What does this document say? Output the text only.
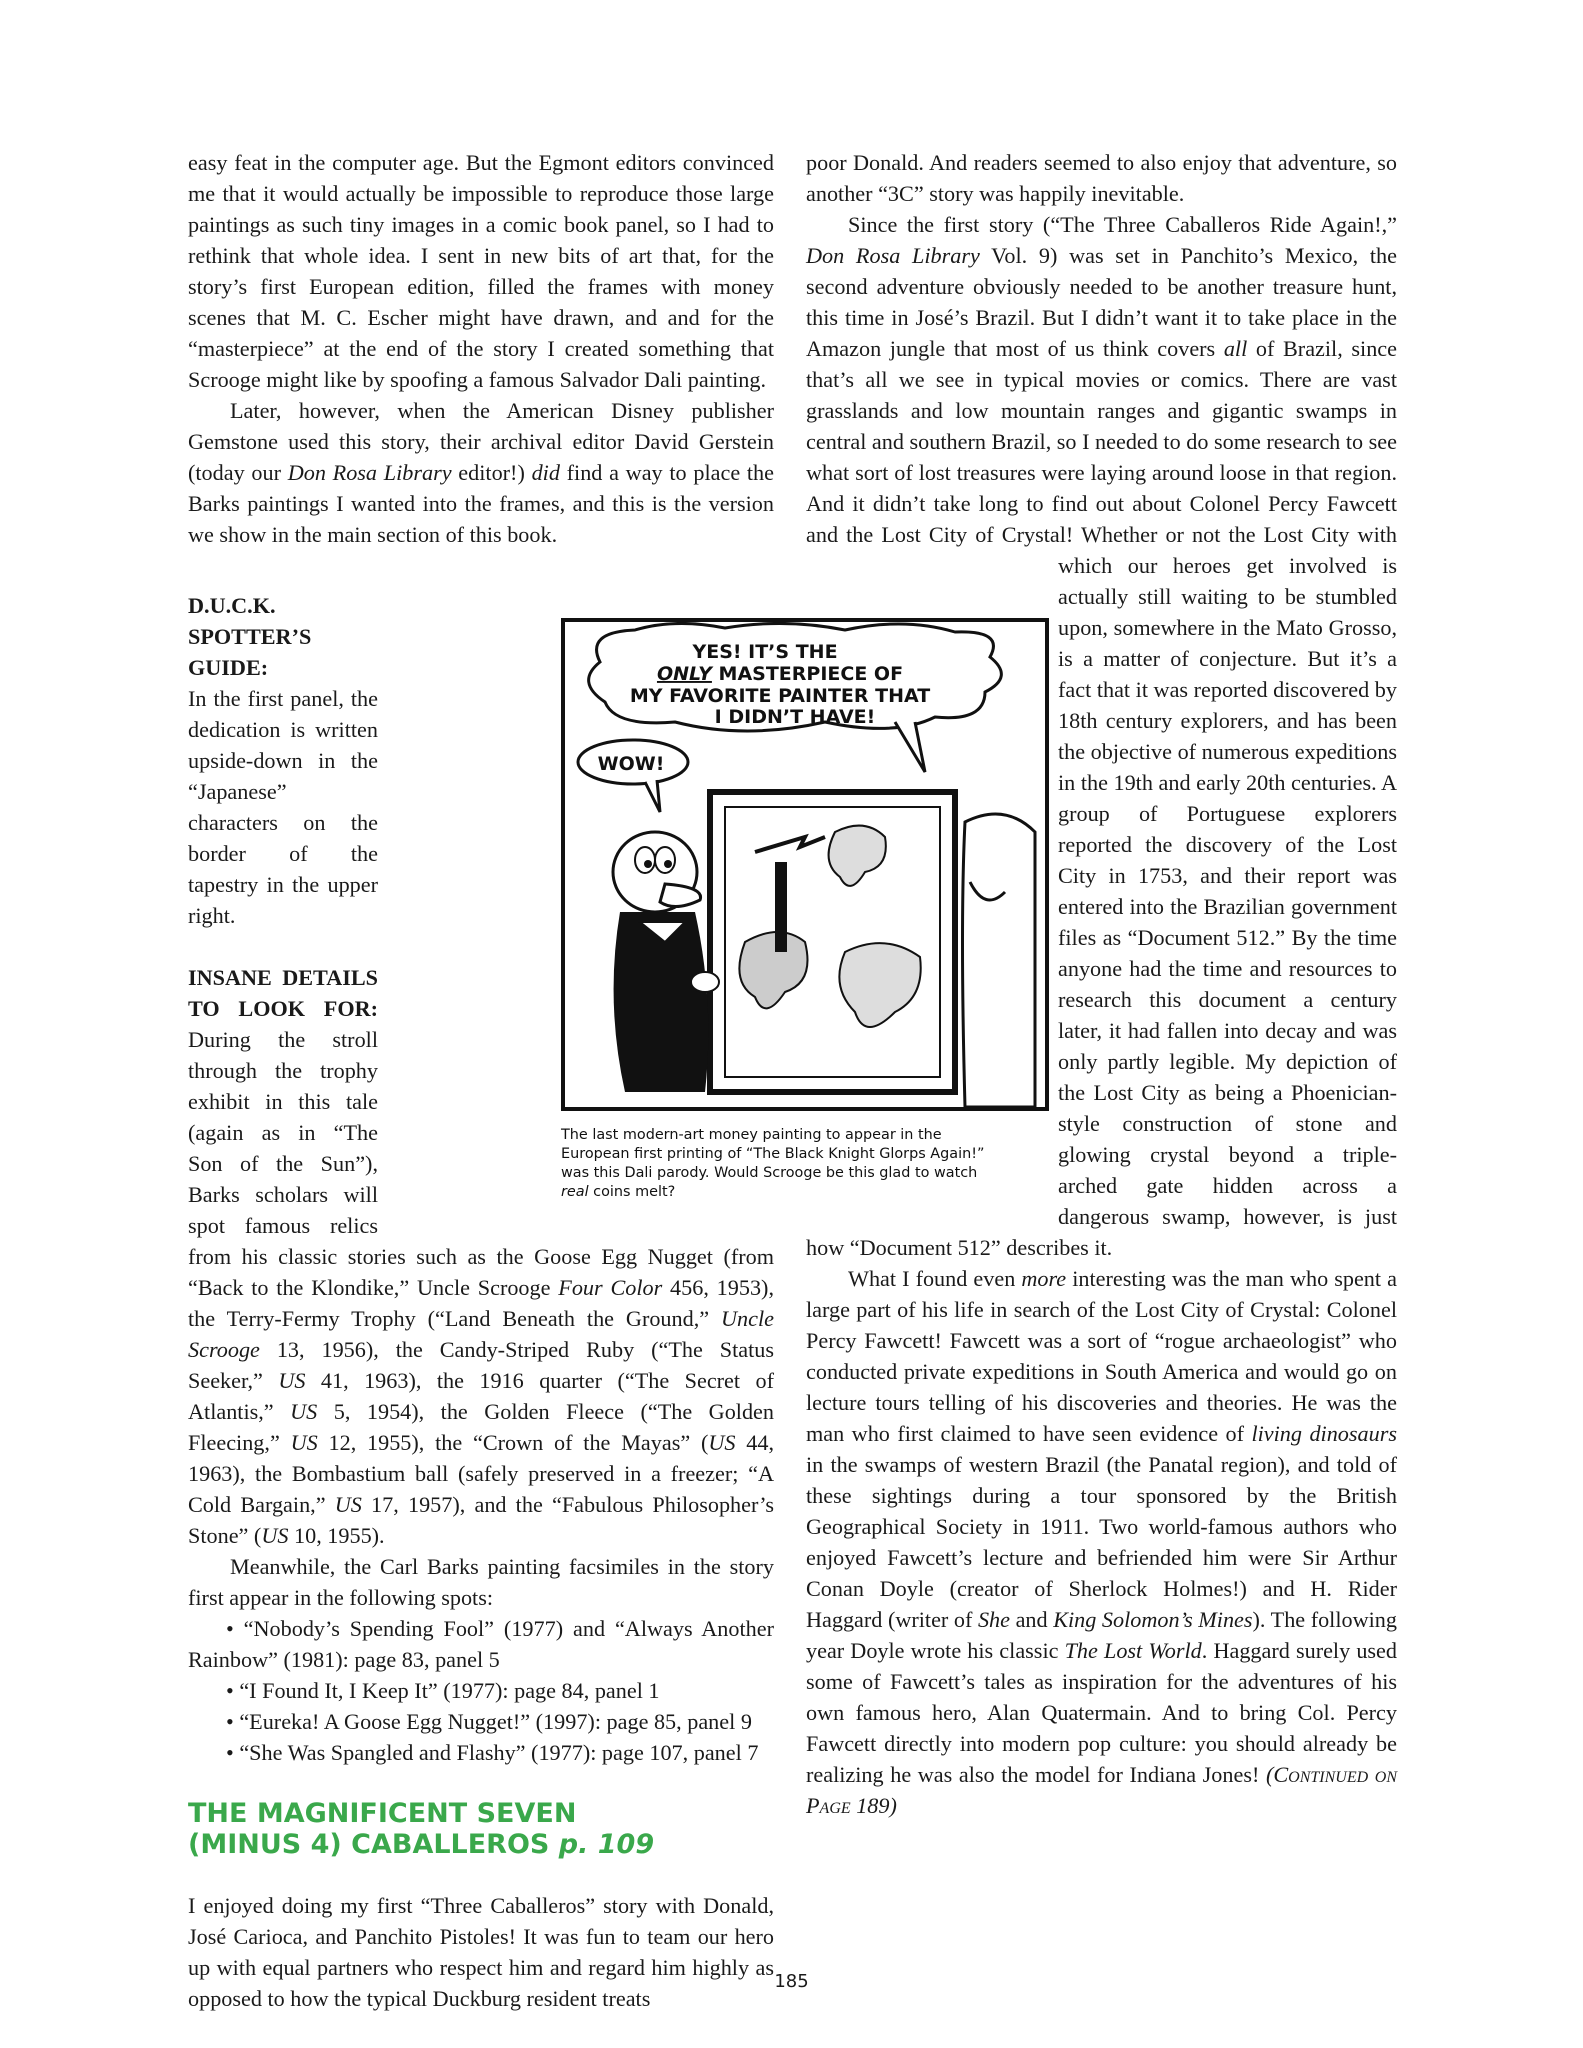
easy feat in the computer age. But the Egmont editors convinced me that it would actually be impossible to reproduce those large paintings as such tiny images in a comic book panel, so I had to rethink that whole idea. I sent in new bits of art that, for the story’s first European edition, filled the frames with money scenes that M. C. Escher might have drawn, and and for the “masterpiece” at the end of the story I created something that Scrooge might like by spoofing a famous Salvador Dali painting.

Later, however, when the American Disney publisher Gemstone used this story, their archival editor David Gerstein (today our Don Rosa Library editor!) did find a way to place the Barks paintings I wanted into the frames, and this is the version we show in the main section of this book.

D.U.C.K. SPOTTER’S GUIDE:
In the first panel, the dedication is written upside-down in the “Japanese” characters on the border of the tapestry in the upper right.

INSANE DETAILS TO LOOK FOR: During the stroll through the trophy exhibit in this tale (again as in “The Son of the Sun”), Barks scholars will spot famous relics from his classic stories such as the Goose Egg Nugget (from “Back to the Klondike,” Uncle Scrooge Four Color 456, 1953), the Terry-Fermy Trophy (“Land Beneath the Ground,” Uncle Scrooge 13, 1956), the Candy-Striped Ruby (“The Status Seeker,” US 41, 1963), the 1916 quarter (“The Secret of Atlantis,” US 5, 1954), the Golden Fleece (“The Golden Fleecing,” US 12, 1955), the “Crown of the Mayas” (US 44, 1963), the Bombastium ball (safely preserved in a freezer; “A Cold Bargain,” US 17, 1957), and the “Fabulous Philosopher’s Stone” (US 10, 1955).

Meanwhile, the Carl Barks painting facsimiles in the story first appear in the following spots:

• “Nobody’s Spending Fool” (1977) and “Always Another Rainbow” (1981): page 83, panel 5
• “I Found It, I Keep It” (1977): page 84, panel 1
• “Eureka! A Goose Egg Nugget!” (1997): page 85, panel 9
• “She Was Spangled and Flashy” (1977): page 107, panel 7
THE MAGNIFICENT SEVEN
(MINUS 4) CABALLEROS p. 109

I enjoyed doing my first “Three Caballeros” story with Donald, José Carioca, and Panchito Pistoles! It was fun to team our hero up with equal partners who respect him and regard him highly as opposed to how the typical Duckburg resident treats

poor Donald. And readers seemed to also enjoy that adventure, so another “3C” story was happily inevitable.

Since the first story (“The Three Caballeros Ride Again!,” Don Rosa Library Vol. 9) was set in Panchito’s Mexico, the second adventure obviously needed to be another treasure hunt, this time in José’s Brazil. But I didn’t want it to take place in the Amazon jungle that most of us think covers all of Brazil, since that’s all we see in typical movies or comics. There are vast grasslands and low mountain ranges and gigantic swamps in central and southern Brazil, so I needed to do some research to see what sort of lost treasures were laying around loose in that region. And it didn’t take long to find out about Colonel Percy Fawcett and the Lost City of Crystal! Whether or not the Lost City with which
our heroes get involved is actually still waiting to be stumbled upon, somewhere in the Mato Grosso, is a matter of conjecture. But it’s a fact that it was reported discovered by 18th century explorers, and has been the objective of numerous expeditions in the 19th and early 20th centuries. A group of Portuguese explorers reported the discovery of the Lost City in 1753, and their report was entered into the Brazilian government files as “Document 512.” By the time anyone had the time and resources to research this document a century later, it had fallen into decay and was only partly legible. My depiction of the Lost City as being a Phoenician-style construction of stone and glowing crystal beyond a triple-arched gate hidden across a dangerous swamp, however, is just how “Document 512” describes it.

What I found even more interesting was the man who spent a large part of his life in search of the Lost City of Crystal: Colonel Percy Fawcett! Fawcett was a sort of “rogue archaeologist” who conducted private expeditions in South America and would go on lecture tours telling of his discoveries and theories. He was the man who first claimed to have seen evidence of living dinosaurs in the swamps of western Brazil (the Panatal region), and told of these sightings during a tour sponsored by the British Geographical Society in 1911. Two world-famous authors who enjoyed Fawcett’s lecture and befriended him were Sir Arthur Conan Doyle (creator of Sherlock Holmes!) and H. Rider Haggard (writer of She and King Solomon’s Mines). The following year Doyle wrote his classic The Lost World. Haggard surely used some of Fawcett’s tales as inspiration for the adventures of his own famous hero, Alan Quatermain. And to bring Col. Percy Fawcett directly into modern pop culture: you should already be realizing he was also the model for Indiana Jones! (Continued on Page 189)

YES! IT’S THE
ONLY MASTERPIECE OF
MY FAVORITE PAINTER THAT
I DIDN’T HAVE!
WOW!
The last modern-art money painting to appear in the European first printing of “The Black Knight Glorps Again!” was this Dali parody. Would Scrooge be this glad to watch real coins melt?
185
